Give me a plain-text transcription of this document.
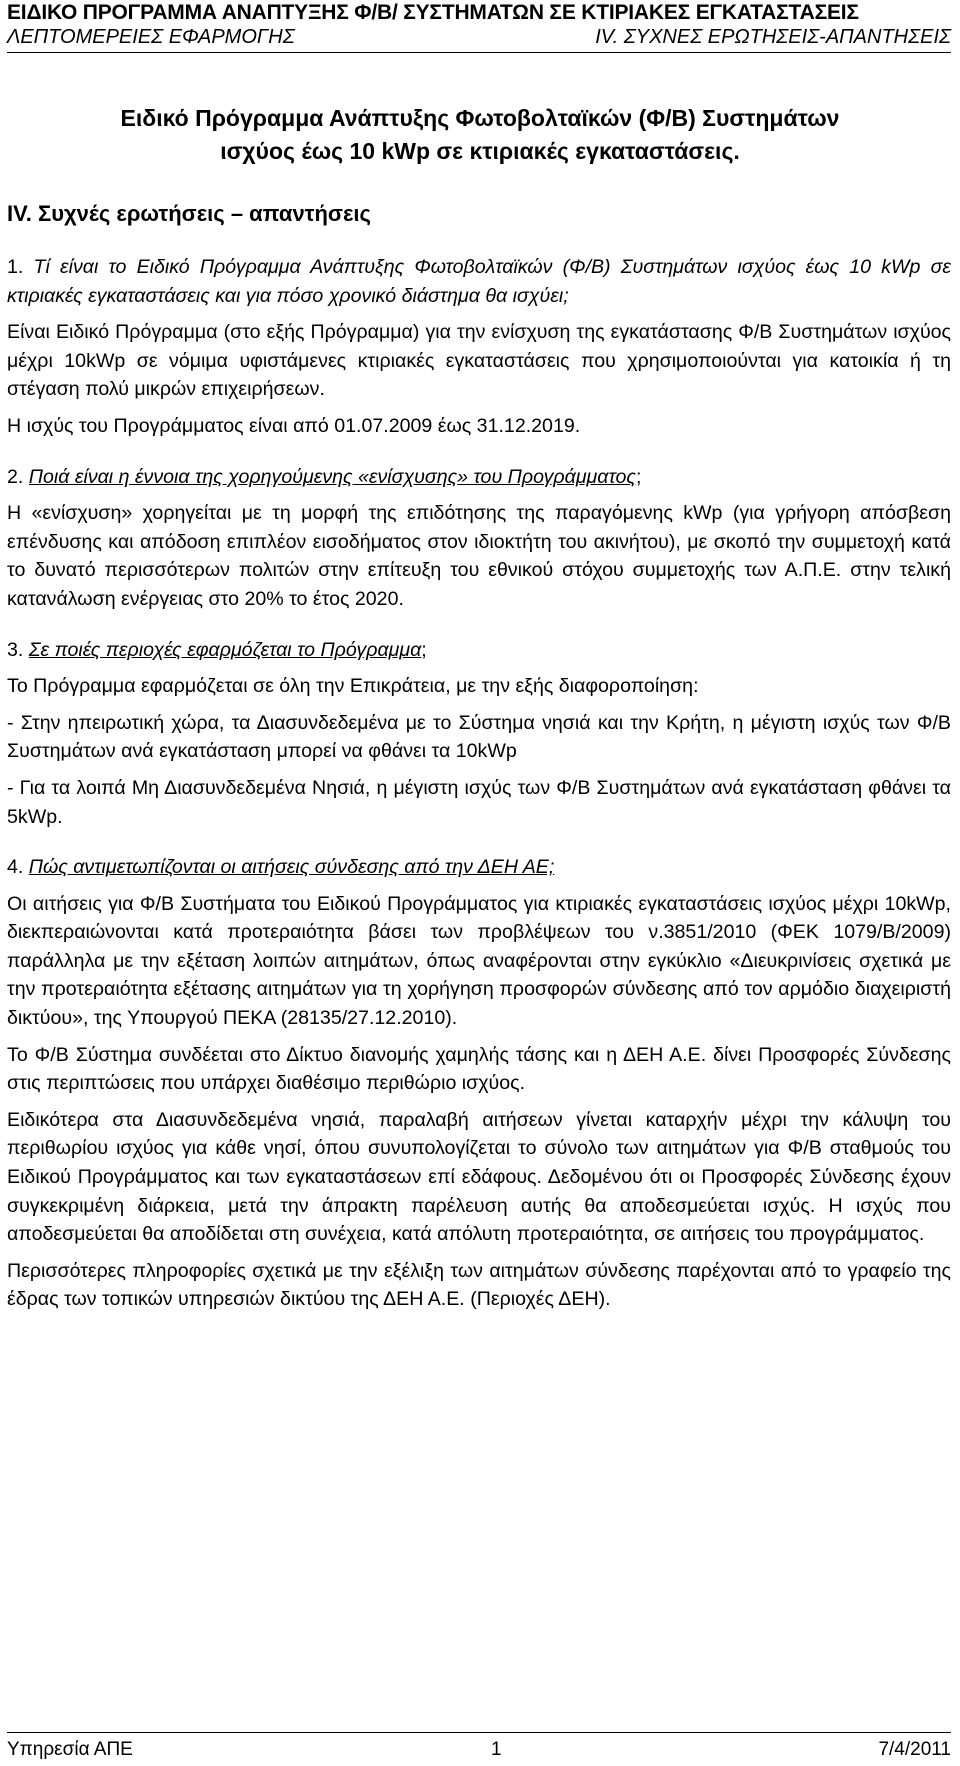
ΕΙΔΙΚΟ ΠΡΟΓΡΑΜΜΑ ΑΝΑΠΤΥΞΗΣ Φ/Β/ ΣΥΣΤΗΜΑΤΩΝ ΣΕ ΚΤΙΡΙΑΚΕΣ ΕΓΚΑΤΑΣΤΑΣΕΙΣ
ΛΕΠΤΟΜΕΡΕΙΕΣ ΕΦΑΡΜΟΓΗΣ	IV. ΣΥΧΝΕΣ ΕΡΩΤΗΣΕΙΣ-ΑΠΑΝΤΗΣΕΙΣ
Ειδικό Πρόγραμμα Ανάπτυξης Φωτοβολταϊκών (Φ/Β) Συστημάτων
ισχύος έως 10 kWp σε κτιριακές εγκαταστάσεις.
IV. Συχνές ερωτήσεις – απαντήσεις

1. Τί είναι το Ειδικό Πρόγραμμα Ανάπτυξης Φωτοβολταϊκών (Φ/Β) Συστημάτων ισχύος έως 10 kWp σε κτιριακές εγκαταστάσεις και για πόσο χρονικό διάστημα θα ισχύει;

Είναι Ειδικό Πρόγραμμα (στο εξής Πρόγραμμα) για την ενίσχυση της εγκατάστασης Φ/Β Συστημάτων ισχύος μέχρι 10kWp σε νόμιμα υφιστάμενες κτιριακές εγκαταστάσεις που χρησιμοποιούνται για κατοικία ή τη στέγαση πολύ μικρών επιχειρήσεων.

Η ισχύς του Προγράμματος είναι από 01.07.2009 έως 31.12.2019.

2. Ποιά είναι η έννοια της χορηγούμενης «ενίσχυσης» του Προγράμματος;

Η «ενίσχυση» χορηγείται με τη μορφή της επιδότησης της παραγόμενης kWp (για γρήγορη απόσβεση επένδυσης και απόδοση επιπλέον εισοδήματος στον ιδιοκτήτη του ακινήτου), με σκοπό την συμμετοχή κατά το δυνατό περισσότερων πολιτών στην επίτευξη του εθνικού στόχου συμμετοχής των Α.Π.Ε. στην τελική κατανάλωση ενέργειας στο 20% το έτος 2020.

3. Σε ποιές περιοχές εφαρμόζεται το Πρόγραμμα;

Το Πρόγραμμα εφαρμόζεται σε όλη την Επικράτεια, με την εξής διαφοροποίηση:

- Στην ηπειρωτική χώρα, τα Διασυνδεδεμένα με το Σύστημα νησιά και την Κρήτη, η μέγιστη ισχύς των Φ/Β Συστημάτων ανά εγκατάσταση μπορεί να φθάνει τα 10kWp

- Για τα λοιπά Μη Διασυνδεδεμένα Νησιά, η μέγιστη ισχύς των Φ/Β Συστημάτων ανά εγκατάσταση φθάνει τα 5kWp.

4. Πώς αντιμετωπίζονται οι αιτήσεις σύνδεσης από την ΔΕΗ ΑΕ;

Οι αιτήσεις για Φ/Β Συστήματα του Ειδικού Προγράμματος για κτιριακές εγκαταστάσεις ισχύος μέχρι 10kWp, διεκπεραιώνονται κατά προτεραιότητα βάσει των προβλέψεων του ν.3851/2010 (ΦΕΚ 1079/Β/2009) παράλληλα με την εξέταση λοιπών αιτημάτων, όπως αναφέρονται στην εγκύκλιο «Διευκρινίσεις σχετικά με την προτεραιότητα εξέτασης αιτημάτων για τη χορήγηση προσφορών σύνδεσης από τον αρμόδιο διαχειριστή δικτύου», της Υπουργού ΠΕΚΑ (28135/27.12.2010).

Το Φ/Β Σύστημα συνδέεται στο Δίκτυο διανομής χαμηλής τάσης και η ΔΕΗ Α.Ε. δίνει Προσφορές Σύνδεσης στις περιπτώσεις που υπάρχει διαθέσιμο περιθώριο ισχύος.

Ειδικότερα στα Διασυνδεδεμένα νησιά, παραλαβή αιτήσεων γίνεται καταρχήν μέχρι την κάλυψη του περιθωρίου ισχύος για κάθε νησί, όπου συνυπολογίζεται το σύνολο των αιτημάτων για Φ/Β σταθμούς του Ειδικού Προγράμματος και των εγκαταστάσεων επί εδάφους. Δεδομένου ότι οι Προσφορές Σύνδεσης έχουν συγκεκριμένη διάρκεια, μετά την άπρακτη παρέλευση αυτής θα αποδεσμεύεται ισχύς. Η ισχύς που αποδεσμεύεται θα αποδίδεται στη συνέχεια, κατά απόλυτη προτεραιότητα, σε αιτήσεις του προγράμματος.

Περισσότερες πληροφορίες σχετικά με την εξέλιξη των αιτημάτων σύνδεσης παρέχονται από το γραφείο της έδρας των τοπικών υπηρεσιών δικτύου της ΔΕΗ Α.Ε. (Περιοχές ΔΕΗ).

Υπηρεσία ΑΠΕ	1	7/4/2011
